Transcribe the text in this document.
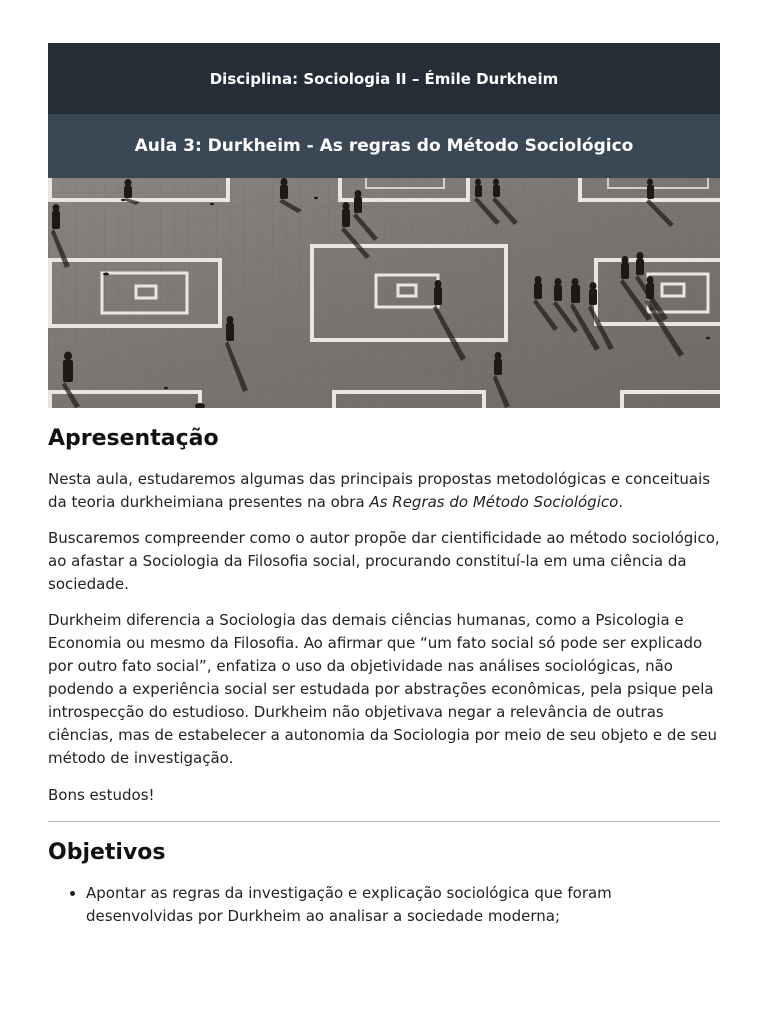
Disciplina: Sociologia II – Émile Durkheim
Aula 3: Durkheim - As regras do Método Sociológico
Apresentação

Nesta aula, estudaremos algumas das principais propostas metodológicas e conceituais da teoria durkheimiana presentes na obra As Regras do Método Sociológico.

Buscaremos compreender como o autor propõe dar cientificidade ao método sociológico, ao afastar a Sociologia da Filosofia social, procurando constituí-la em uma ciência da sociedade.

Durkheim diferencia a Sociologia das demais ciências humanas, como a Psicologia e Economia ou mesmo da Filosofia. Ao afirmar que “um fato social só pode ser explicado por outro fato social”, enfatiza o uso da objetividade nas análises sociológicas, não podendo a experiência social ser estudada por abstrações econômicas, pela psique pela introspecção do estudioso. Durkheim não objetivava negar a relevância de outras ciências, mas de estabelecer a autonomia da Sociologia por meio de seu objeto e de seu método de investigação.

Bons estudos!

Objetivos
• Apontar as regras da investigação e explicação sociológica que foram desenvolvidas por Durkheim ao analisar a sociedade moderna;
